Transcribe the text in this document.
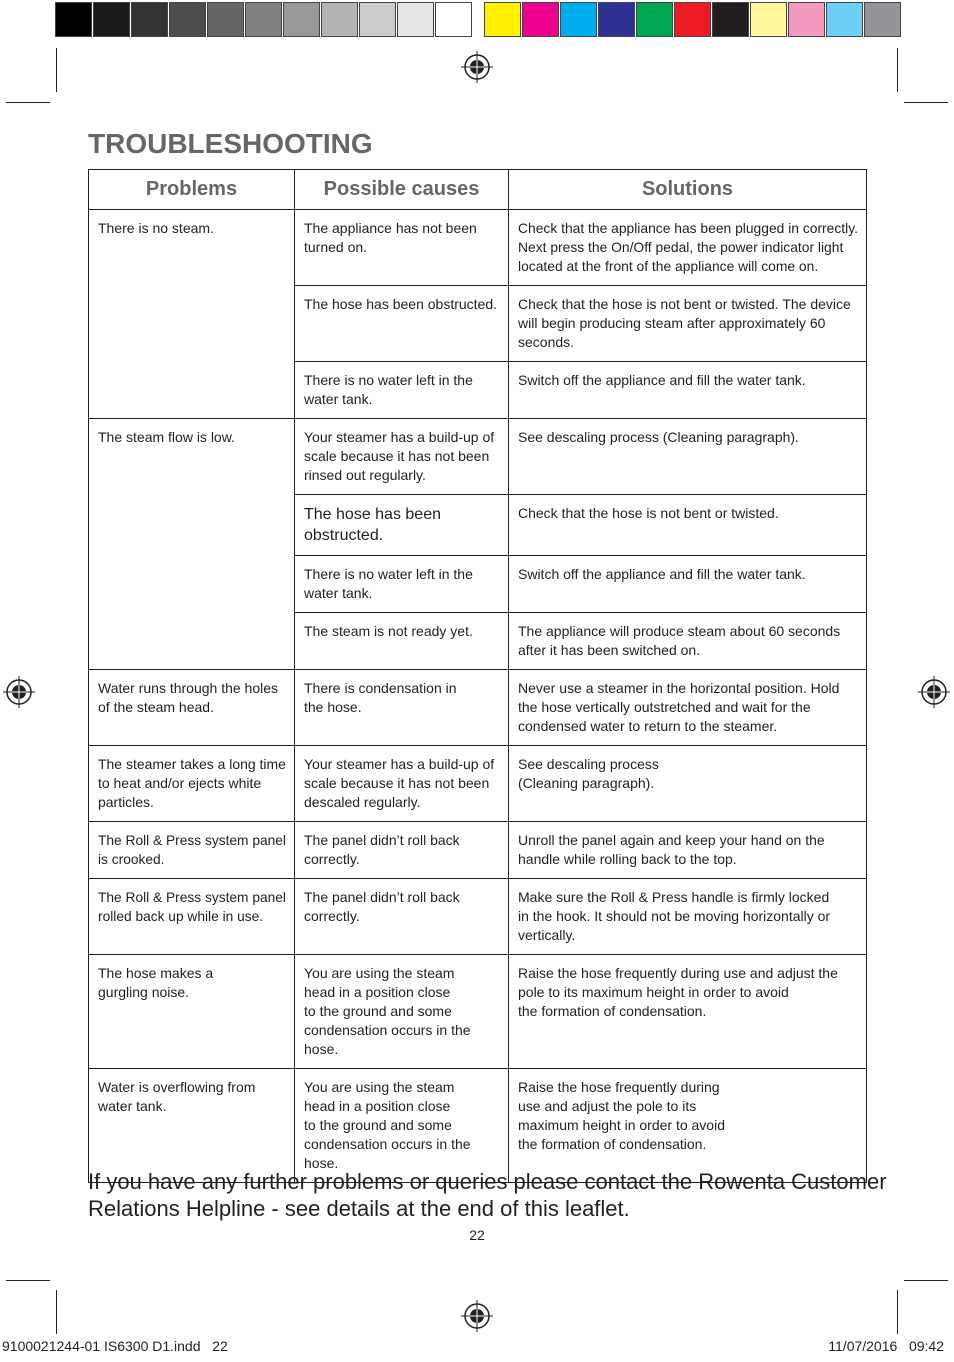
TROUBLESHOOTING
Problems	Possible causes	Solutions
There is no steam.	The appliance has not been
turned on.	Check that the appliance has been plugged in correctly.
Next press the On/Off pedal, the power indicator light
located at the front of the appliance will come on.

	The hose has been obstructed.	Check that the hose is not bent or twisted. The device
will begin producing steam after approximately 60
seconds.
	There is no water left in the
water tank.	Switch off the appliance and fill the water tank.
The steam flow is low.	Your steamer has a build-up of
scale because it has not been
rinsed out regularly.	See descaling process (Cleaning paragraph).
	The hose has been
obstructed.	Check that the hose is not bent or twisted.
	There is no water left in the
water tank.	Switch off the appliance and fill the water tank.
	The steam is not ready yet.	The appliance will produce steam about 60 seconds
after it has been switched on.
Water runs through the holes
of the steam head.	There is condensation in
the hose.	Never use a steamer in the horizontal position. Hold
the hose vertically outstretched and wait for the
condensed water to return to the steamer.

The steamer takes a long time
to heat and/or ejects white
particles.	Your steamer has a build-up of
scale because it has not been
descaled regularly.	See descaling process
(Cleaning paragraph).

The Roll & Press system panel
is crooked.	The panel didn’t roll back
correctly.	Unroll the panel again and keep your hand on the
handle while rolling back to the top.

The Roll & Press system panel
rolled back up while in use.	The panel didn’t roll back
correctly.	Make sure the Roll & Press handle is firmly locked
in the hook. It should not be moving horizontally or
vertically.
The hose makes a
gurgling noise.	You are using the steam
head in a position close
to the ground and some
condensation occurs in the
hose.	Raise the hose frequently during use and adjust the
pole to its maximum height in order to avoid
the formation of condensation.
Water is overflowing from
water tank.	You are using the steam
head in a position close
to the ground and some
condensation occurs in the
hose.	Raise the hose frequently during
use and adjust the pole to its
maximum height in order to avoid
the formation of condensation.
If you have any further problems or queries please contact the Rowenta Customer Relations Helpline - see details at the end of this leaflet.
22
9100021244-01 IS6300 D1.indd   22	11/07/2016   09:42
